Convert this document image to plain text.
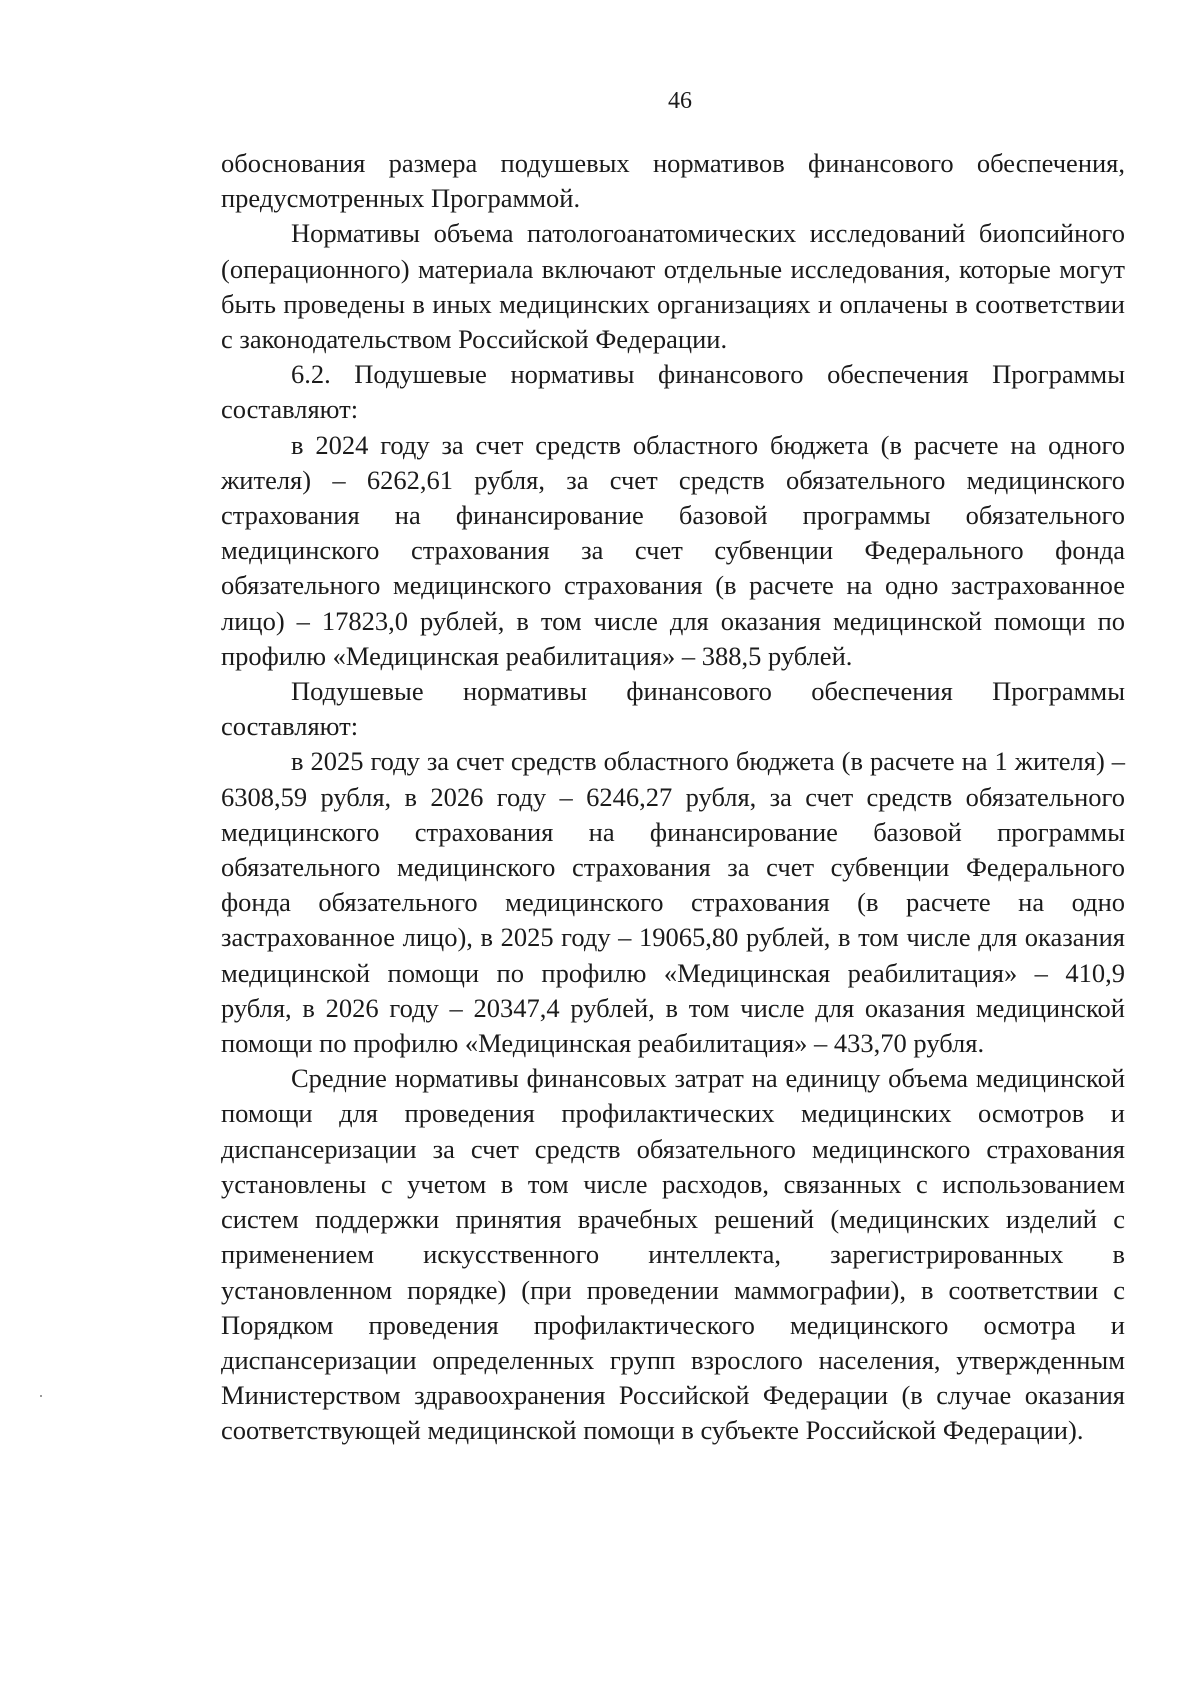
46

обоснования размера подушевых нормативов финансового обеспечения, предусмотренных Программой.

Нормативы объема патологоанатомических исследований биопсийного (операционного) материала включают отдельные исследования, которые могут быть проведены в иных медицинских организациях и оплачены в соответствии с законодательством Российской Федерации.

6.2. Подушевые нормативы финансового обеспечения Программы составляют:

в 2024 году за счет средств областного бюджета (в расчете на одного жителя) – 6262,61 рубля, за счет средств обязательного медицинского страхования на финансирование базовой программы обязательного медицинского страхования за счет субвенции Федерального фонда обязательного медицинского страхования (в расчете на одно застрахованное лицо) – 17823,0 рублей, в том числе для оказания медицинской помощи по профилю «Медицинская реабилитация» – 388,5 рублей.

Подушевые нормативы финансового обеспечения Программы составляют:

в 2025 году за счет средств областного бюджета (в расчете на 1 жителя) – 6308,59 рубля, в 2026 году – 6246,27 рубля, за счет средств обязательного медицинского страхования на финансирование базовой программы обязательного медицинского страхования за счет субвенции Федерального фонда обязательного медицинского страхования (в расчете на одно застрахованное лицо), в 2025 году – 19065,80 рублей, в том числе для оказания медицинской помощи по профилю «Медицинская реабилитация» – 410,9 рубля, в 2026 году – 20347,4 рублей, в том числе для оказания медицинской помощи по профилю «Медицинская реабилитация» – 433,70 рубля.

Средние нормативы финансовых затрат на единицу объема медицинской помощи для проведения профилактических медицинских осмотров и диспансеризации за счет средств обязательного медицинского страхования установлены с учетом в том числе расходов, связанных с использованием систем поддержки принятия врачебных решений (медицинских изделий с применением искусственного интеллекта, зарегистрированных в установленном порядке) (при проведении маммографии), в соответствии с Порядком проведения профилактического медицинского осмотра и диспансеризации определенных групп взрослого населения, утвержденным Министерством здравоохранения Российской Федерации (в случае оказания соответствующей медицинской помощи в субъекте Российской Федерации).
